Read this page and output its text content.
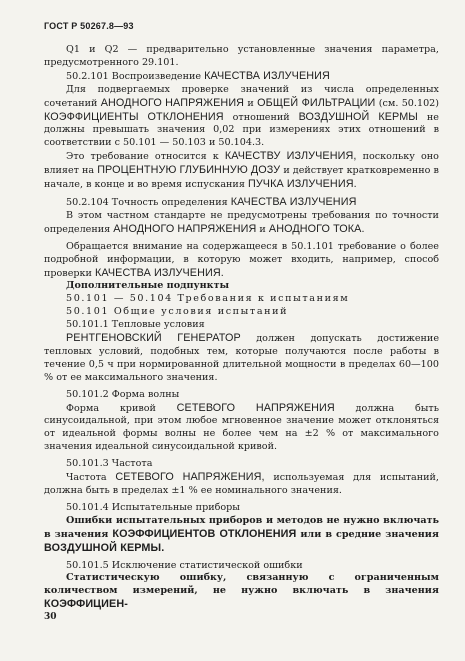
ГОСТ Р 50267.8—93

Q1 и Q2 — предварительно установленные значения параметра, предусмотренного 29.101.

50.2.101 Воспроизведение КАЧЕСТВА ИЗЛУЧЕНИЯ

Для подвергаемых проверке значений из числа определенных сочетаний АНОДНОГО НАПРЯЖЕНИЯ и ОБЩЕЙ ФИЛЬТРАЦИИ (см. 50.102) КОЭФФИЦИЕНТЫ ОТКЛОНЕНИЯ отношений ВОЗДУШНОЙ КЕРМЫ не должны превышать значения 0,02 при измерениях этих отношений в соответствии с 50.101 — 50.103 и 50.104.3.

Это требование относится к КАЧЕСТВУ ИЗЛУЧЕНИЯ, поскольку оно влияет на ПРОЦЕНТНУЮ ГЛУБИННУЮ ДОЗУ и действует кратковременно в начале, в конце и во время испускания ПУЧКА ИЗЛУЧЕНИЯ.

50.2.104 Точность определения КАЧЕСТВА ИЗЛУЧЕНИЯ

В этом частном стандарте не предусмотрены требования по точности определения АНОДНОГО НАПРЯЖЕНИЯ и АНОДНОГО ТОКА.

Обращается внимание на содержащееся в 50.1.101 требование о более подробной информации, в которую может входить, например, способ проверки КАЧЕСТВА ИЗЛУЧЕНИЯ.

Дополнительные подпункты

50.101 — 50.104 Требования к испытаниям

50.101 Общие условия испытаний

50.101.1 Тепловые условия

РЕНТГЕНОВСКИЙ ГЕНЕРАТОР должен допускать достижение тепловых условий, подобных тем, которые получаются после работы в течение 0,5 ч при нормированной длительной мощности в пределах 60—100 % от ее максимального значения.

50.101.2 Форма волны

Форма кривой СЕТЕВОГО НАПРЯЖЕНИЯ должна быть синусоидальной, при этом любое мгновенное значение может отклоняться от идеальной формы волны не более чем на ±2 % от максимального значения идеальной синусоидальной кривой.

50.101.3 Частота

Частота СЕТЕВОГО НАПРЯЖЕНИЯ, используемая для испытаний, должна быть в пределах ±1 % ее номинального значения.

50.101.4 Испытательные приборы

Ошибки испытательных приборов и методов не нужно включать в значения КОЭФФИЦИЕНТОВ ОТКЛОНЕНИЯ или в средние значения ВОЗДУШНОЙ КЕРМЫ.

50.101.5 Исключение статистической ошибки

Статистическую ошибку, связанную с ограниченным количеством измерений, не нужно включать в значения КОЭФФИЦИЕН-

30
